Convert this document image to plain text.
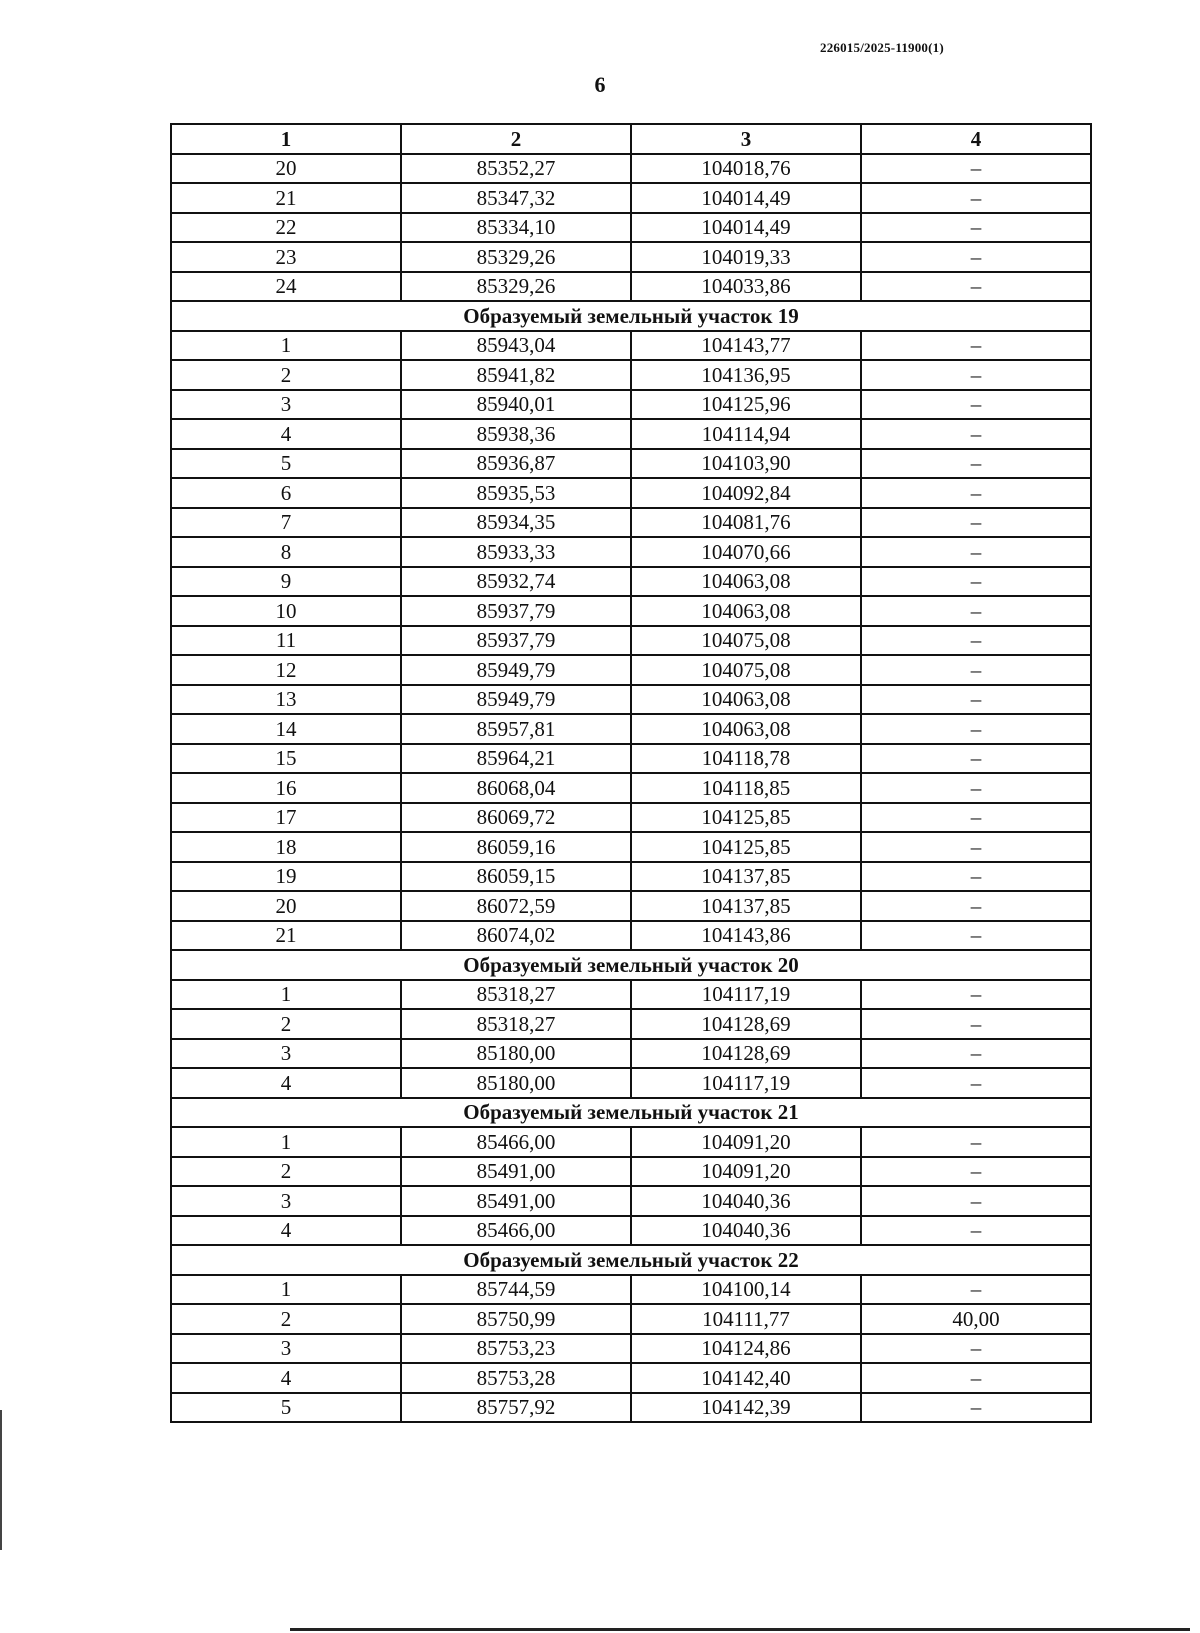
226015/2025-11900(1)
6
1	2	3	4
20	85352,27	104018,76	–
21	85347,32	104014,49	–
22	85334,10	104014,49	–
23	85329,26	104019,33	–
24	85329,26	104033,86	–
Образуемый земельный участок 19			
1	85943,04	104143,77	–
2	85941,82	104136,95	–
3	85940,01	104125,96	–
4	85938,36	104114,94	–
5	85936,87	104103,90	–
6	85935,53	104092,84	–
7	85934,35	104081,76	–
8	85933,33	104070,66	–
9	85932,74	104063,08	–
10	85937,79	104063,08	–
11	85937,79	104075,08	–
12	85949,79	104075,08	–
13	85949,79	104063,08	–
14	85957,81	104063,08	–
15	85964,21	104118,78	–
16	86068,04	104118,85	–
17	86069,72	104125,85	–
18	86059,16	104125,85	–
19	86059,15	104137,85	–
20	86072,59	104137,85	–
21	86074,02	104143,86	–
Образуемый земельный участок 20			
1	85318,27	104117,19	–
2	85318,27	104128,69	–
3	85180,00	104128,69	–
4	85180,00	104117,19	–
Образуемый земельный участок 21			
1	85466,00	104091,20	–
2	85491,00	104091,20	–
3	85491,00	104040,36	–
4	85466,00	104040,36	–
Образуемый земельный участок 22			
1	85744,59	104100,14	–
2	85750,99	104111,77	40,00
3	85753,23	104124,86	–
4	85753,28	104142,40	–
5	85757,92	104142,39	–
